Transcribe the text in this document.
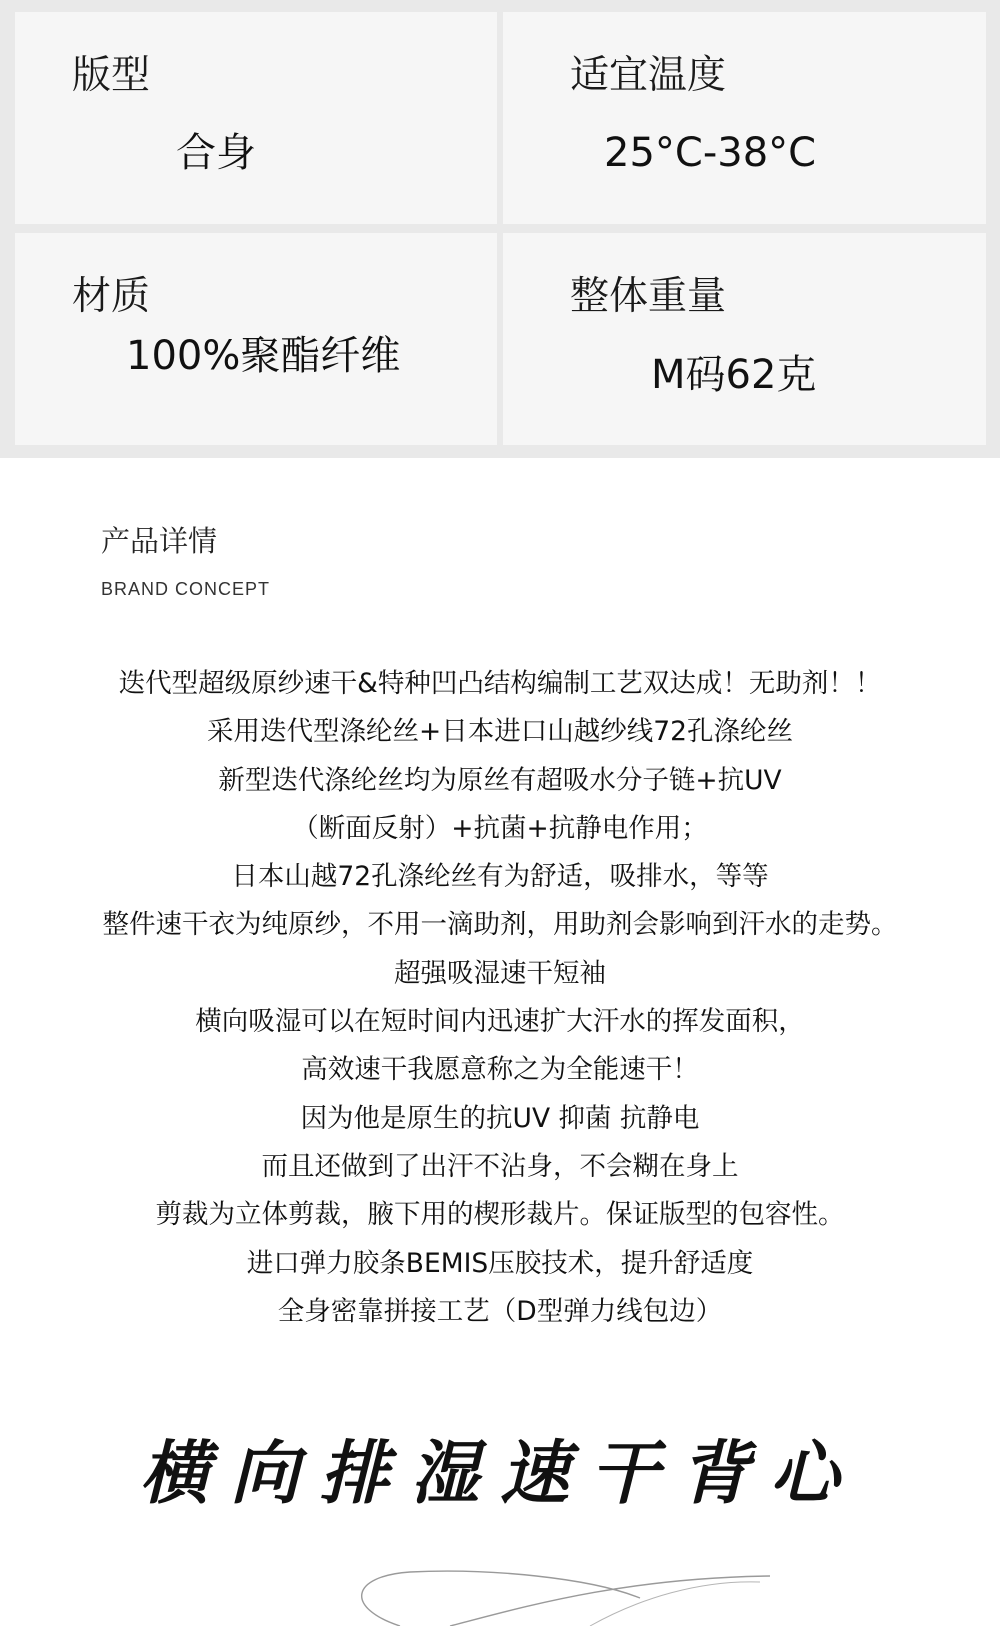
版型
合身
适宜温度
25°C-38°C
材质
100%聚酯纤维
整体重量
M码62克
产品详情
BRAND CONCEPT
迭代型超级原纱速干&特种凹凸结构编制工艺双达成！无助剂！！
采用迭代型涤纶丝+日本进口山越纱线72孔涤纶丝
新型迭代涤纶丝均为原丝有超吸水分子链+抗UV
（断面反射）+抗菌+抗静电作用；
日本山越72孔涤纶丝有为舒适，吸排水，等等
整件速干衣为纯原纱，不用一滴助剂，用助剂会影响到汗水的走势。
超强吸湿速干短袖
横向吸湿可以在短时间内迅速扩大汗水的挥发面积，
高效速干我愿意称之为全能速干！
因为他是原生的抗UV 抑菌 抗静电
而且还做到了出汗不沾身，不会糊在身上
剪裁为立体剪裁，腋下用的楔形裁片。保证版型的包容性。
进口弹力胶条BEMIS压胶技术，提升舒适度
全身密靠拼接工艺（D型弹力线包边）
横向排湿速干背心
